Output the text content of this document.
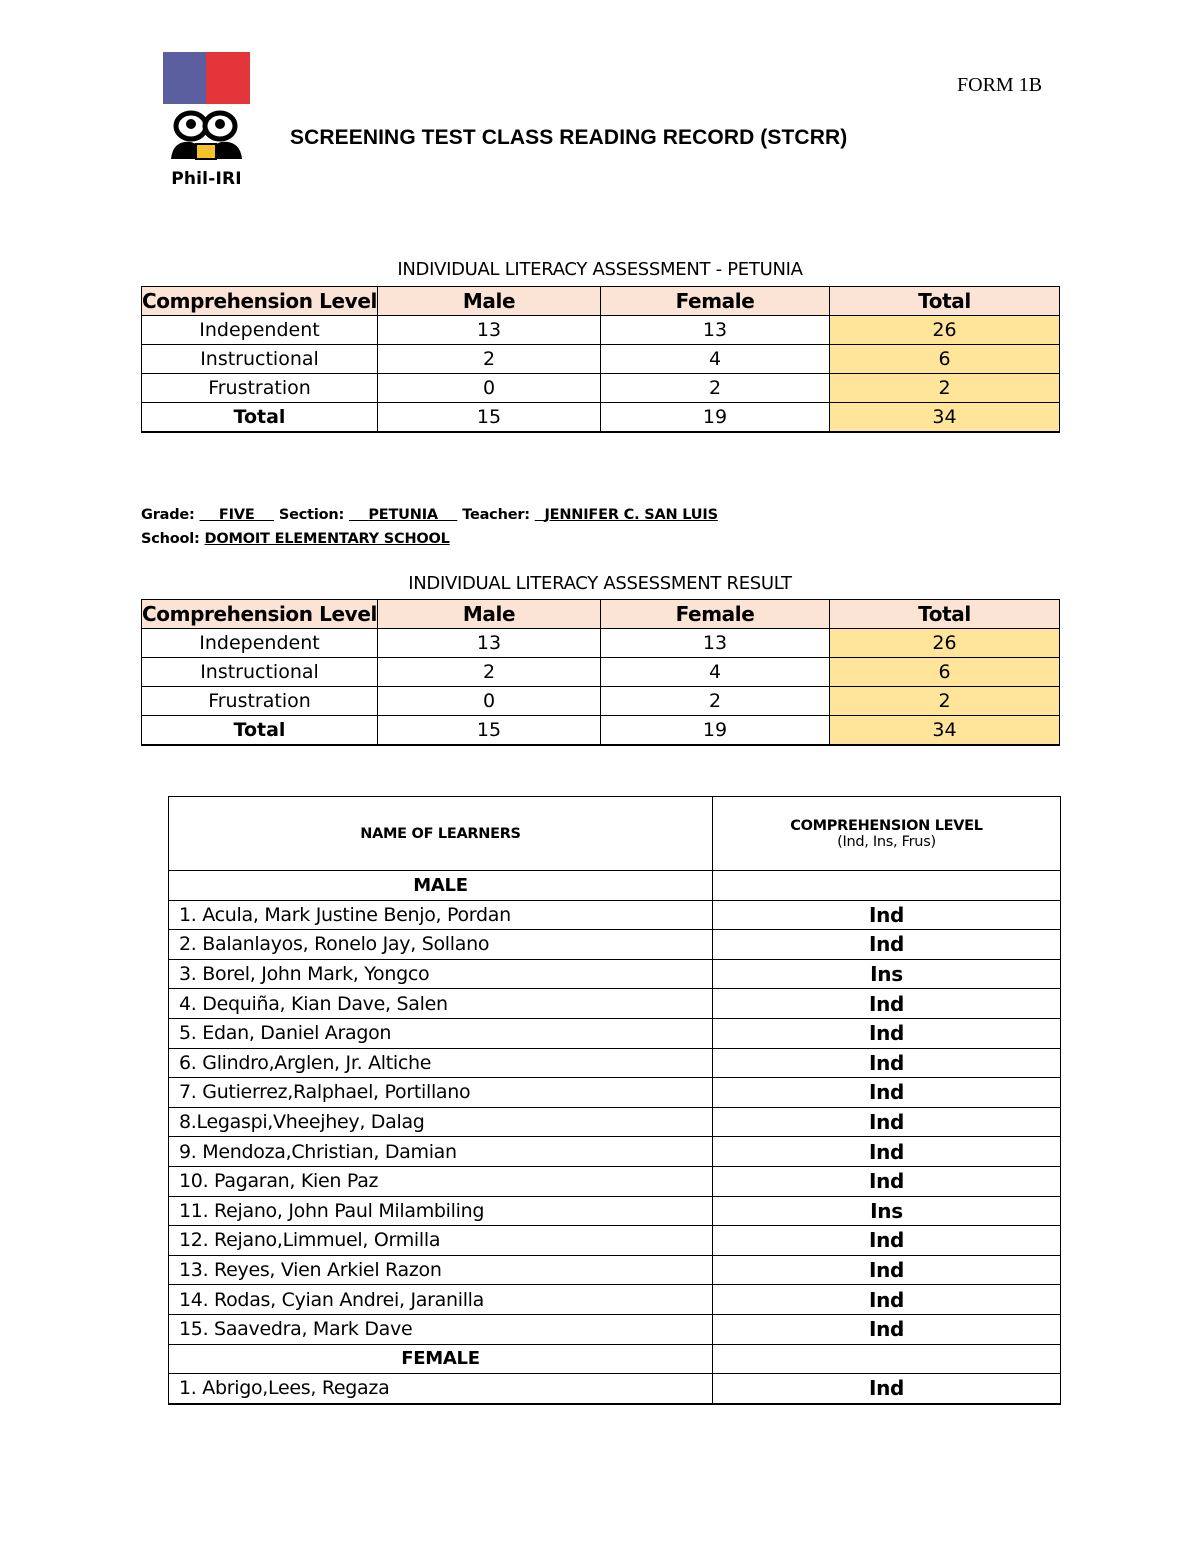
Phil-IRI
FORM 1B
SCREENING TEST CLASS READING RECORD (STCRR)
INDIVIDUAL LITERACY ASSESSMENT - PETUNIA
Comprehension Level	Male	Female	Total
Independent	13	13	26
Instructional	2	4	6
Frustration	0	2	2
Total	15	19	34
Grade: FIVE Section: PETUNIA Teacher: JENNIFER C. SAN LUIS
School: DOMOIT ELEMENTARY SCHOOL
INDIVIDUAL LITERACY ASSESSMENT RESULT
Comprehension Level	Male	Female	Total
Independent	13	13	26
Instructional	2	4	6
Frustration	0	2	2
Total	15	19	34
NAME OF LEARNERS	COMPREHENSION LEVEL
(Ind, Ins, Frus)
MALE	
1. Acula, Mark Justine Benjo, Pordan	Ind
2. Balanlayos, Ronelo Jay, Sollano	Ind
3. Borel, John Mark, Yongco	Ins
4. Dequiña, Kian Dave, Salen	Ind
5. Edan, Daniel Aragon	Ind
6. Glindro,Arglen, Jr. Altiche	Ind
7. Gutierrez,Ralphael, Portillano	Ind
8.Legaspi,Vheejhey, Dalag	Ind
9. Mendoza,Christian, Damian	Ind
10. Pagaran, Kien Paz	Ind
11. Rejano, John Paul Milambiling	Ins
12. Rejano,Limmuel, Ormilla	Ind
13. Reyes, Vien Arkiel Razon	Ind
14. Rodas, Cyian Andrei, Jaranilla	Ind
15. Saavedra, Mark Dave	Ind
FEMALE	
1. Abrigo,Lees, Regaza	Ind
